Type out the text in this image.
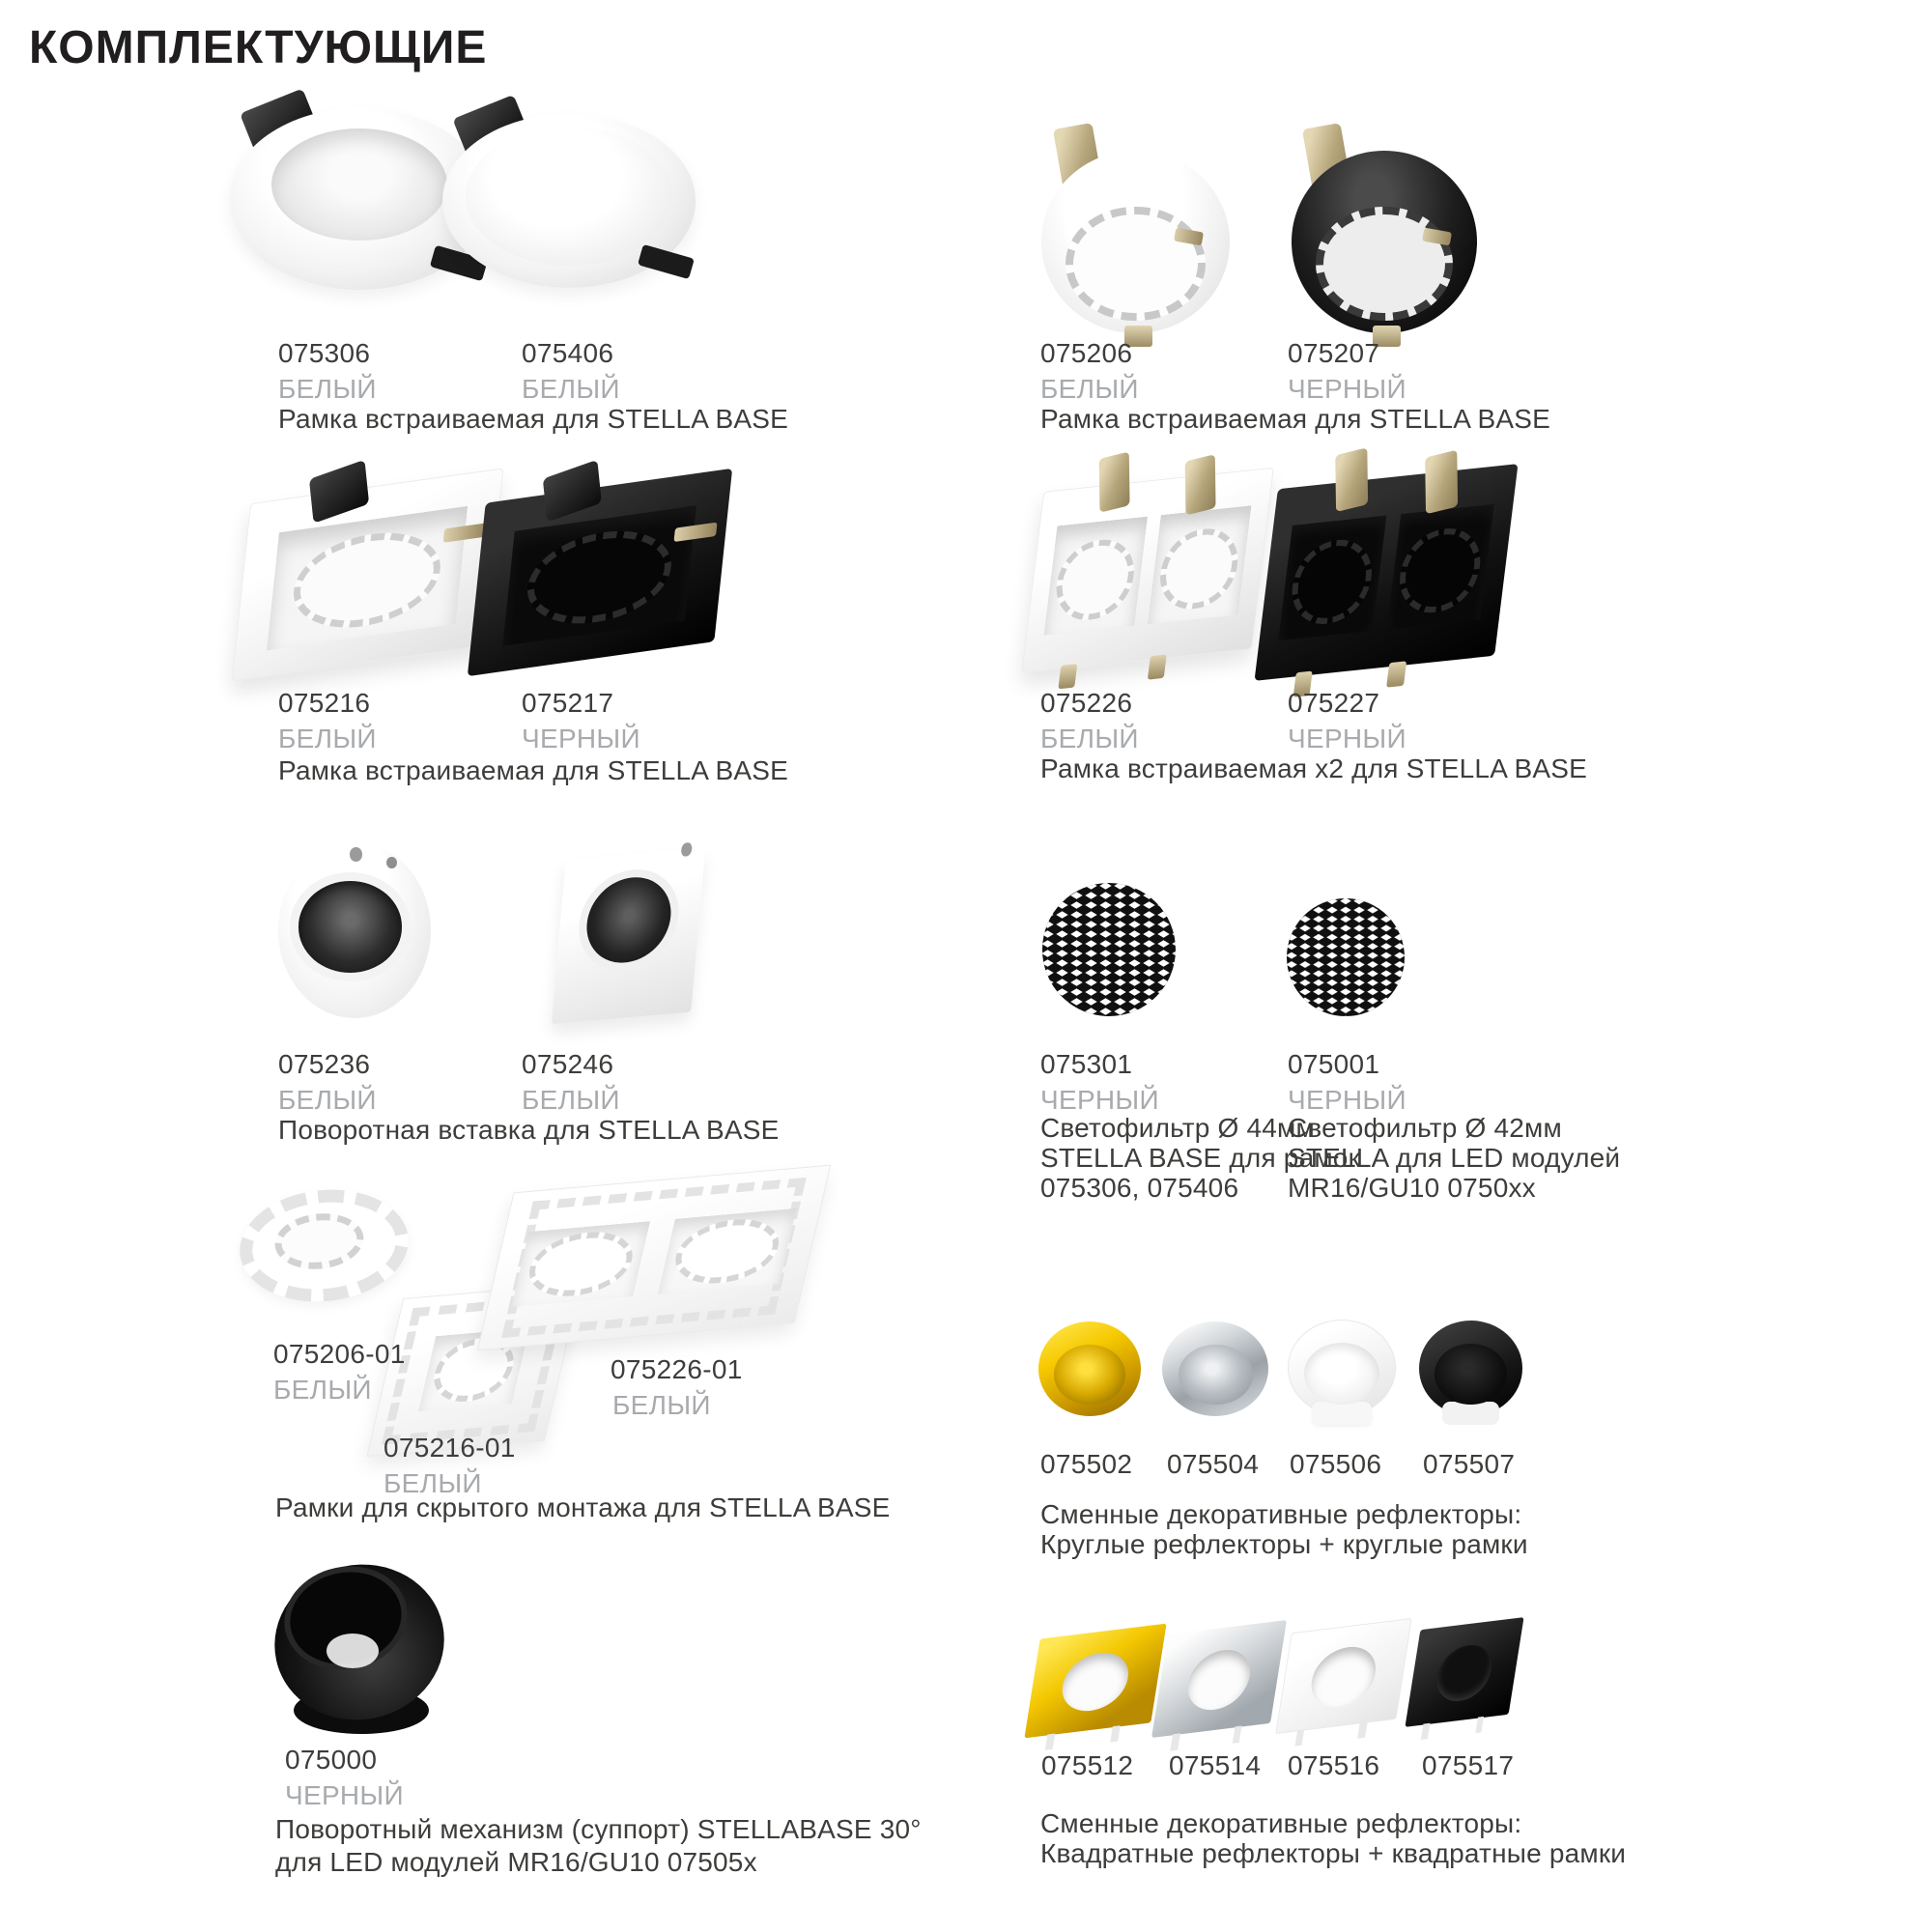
КОМПЛЕКТУЮЩИЕ
075306
БЕЛЫЙ
075406
БЕЛЫЙ
Рамка встраиваемая для STELLA BASE
075216
БЕЛЫЙ
075217
ЧЕРНЫЙ
Рамка встраиваемая для STELLA BASE
075236
БЕЛЫЙ
075246
БЕЛЫЙ
Поворотная вставка для STELLA BASE
075206-01
БЕЛЫЙ
075216-01
БЕЛЫЙ
075226-01
БЕЛЫЙ
Рамки для скрытого монтажа для STELLA BASE
075000
ЧЕРНЫЙ
Поворотный механизм (суппорт) STELLABASE 30°
для LED модулей MR16/GU10 07505x
075206
БЕЛЫЙ
075207
ЧЕРНЫЙ
Рамка встраиваемая для STELLA BASE
075226
БЕЛЫЙ
075227
ЧЕРНЫЙ
Рамка встраиваемая x2 для STELLA BASE
075301
ЧЕРНЫЙ
075001
ЧЕРНЫЙ
Светофильтр Ø 44мм
STELLA BASE для рамок
075306, 075406
Светофильтр Ø 42мм
STELLA для LED модулей
MR16/GU10 0750xx
075502 075504 075506 075507
Сменные декоративные рефлекторы:
Круглые рефлекторы + круглые рамки
075512 075514 075516 075517
Сменные декоративные рефлекторы:
Квадратные рефлекторы + квадратные рамки
